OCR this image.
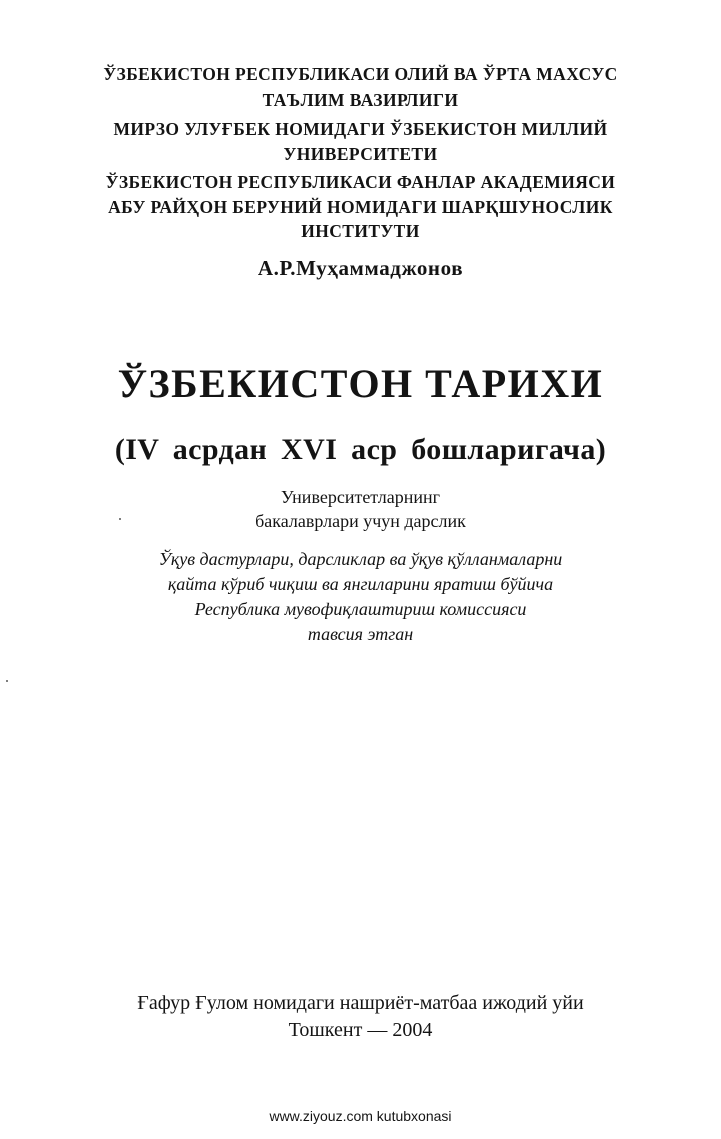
ЎЗБЕКИСТОН РЕСПУБЛИКАСИ ОЛИЙ ВА ЎРТА МАХСУС
ТАЪЛИМ ВАЗИРЛИГИ
МИРЗО УЛУҒБЕК НОМИДАГИ ЎЗБЕКИСТОН МИЛЛИЙ
УНИВЕРСИТЕТИ
ЎЗБЕКИСТОН РЕСПУБЛИКАСИ ФАНЛАР АКАДЕМИЯСИ
АБУ РАЙҲОН БЕРУНИЙ НОМИДАГИ ШАРҚШУНОСЛИК
ИНСТИТУТИ
А.Р.Муҳаммаджонов
ЎЗБЕКИСТОН ТАРИХИ
(IV асрдан XVI аср бошларигача)
Университетларнинг
бакалаврлари учун дарслик
Ўқув дастурлари, дарсликлар ва ўқув қўлланмаларни
қайта кўриб чиқиш ва янгиларини яратиш бўйича
Республика мувофиқлаштириш комиссияси
тавсия этган
Ғафур Ғулом номидаги нашриёт-матбаа ижодий уйи
Тошкент — 2004
www.ziyouz.com kutubxonasi
